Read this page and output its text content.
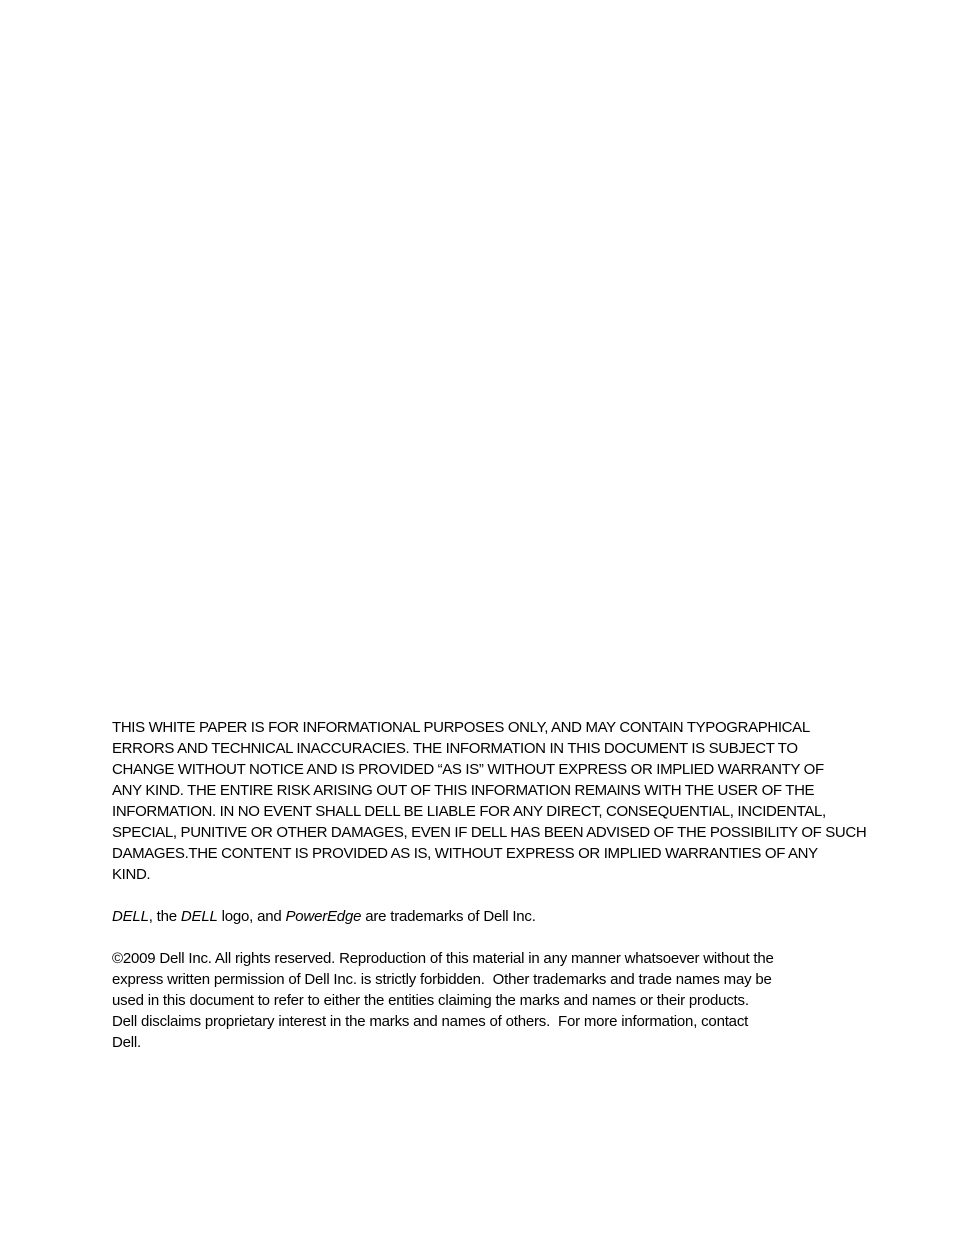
THIS WHITE PAPER IS FOR INFORMATIONAL PURPOSES ONLY, AND MAY CONTAIN TYPOGRAPHICAL
ERRORS AND TECHNICAL INACCURACIES. THE INFORMATION IN THIS DOCUMENT IS SUBJECT TO
CHANGE WITHOUT NOTICE AND IS PROVIDED “AS IS” WITHOUT EXPRESS OR IMPLIED WARRANTY OF
ANY KIND. THE ENTIRE RISK ARISING OUT OF THIS INFORMATION REMAINS WITH THE USER OF THE
INFORMATION. IN NO EVENT SHALL DELL BE LIABLE FOR ANY DIRECT, CONSEQUENTIAL, INCIDENTAL,
SPECIAL, PUNITIVE OR OTHER DAMAGES, EVEN IF DELL HAS BEEN ADVISED OF THE POSSIBILITY OF SUCH
DAMAGES.THE CONTENT IS PROVIDED AS IS, WITHOUT EXPRESS OR IMPLIED WARRANTIES OF ANY
KIND.

DELL, the DELL logo, and PowerEdge are trademarks of Dell Inc.

©2009 Dell Inc. All rights reserved. Reproduction of this material in any manner whatsoever without the
express written permission of Dell Inc. is strictly forbidden.  Other trademarks and trade names may be
used in this document to refer to either the entities claiming the marks and names or their products.
Dell disclaims proprietary interest in the marks and names of others.  For more information, contact
Dell.
